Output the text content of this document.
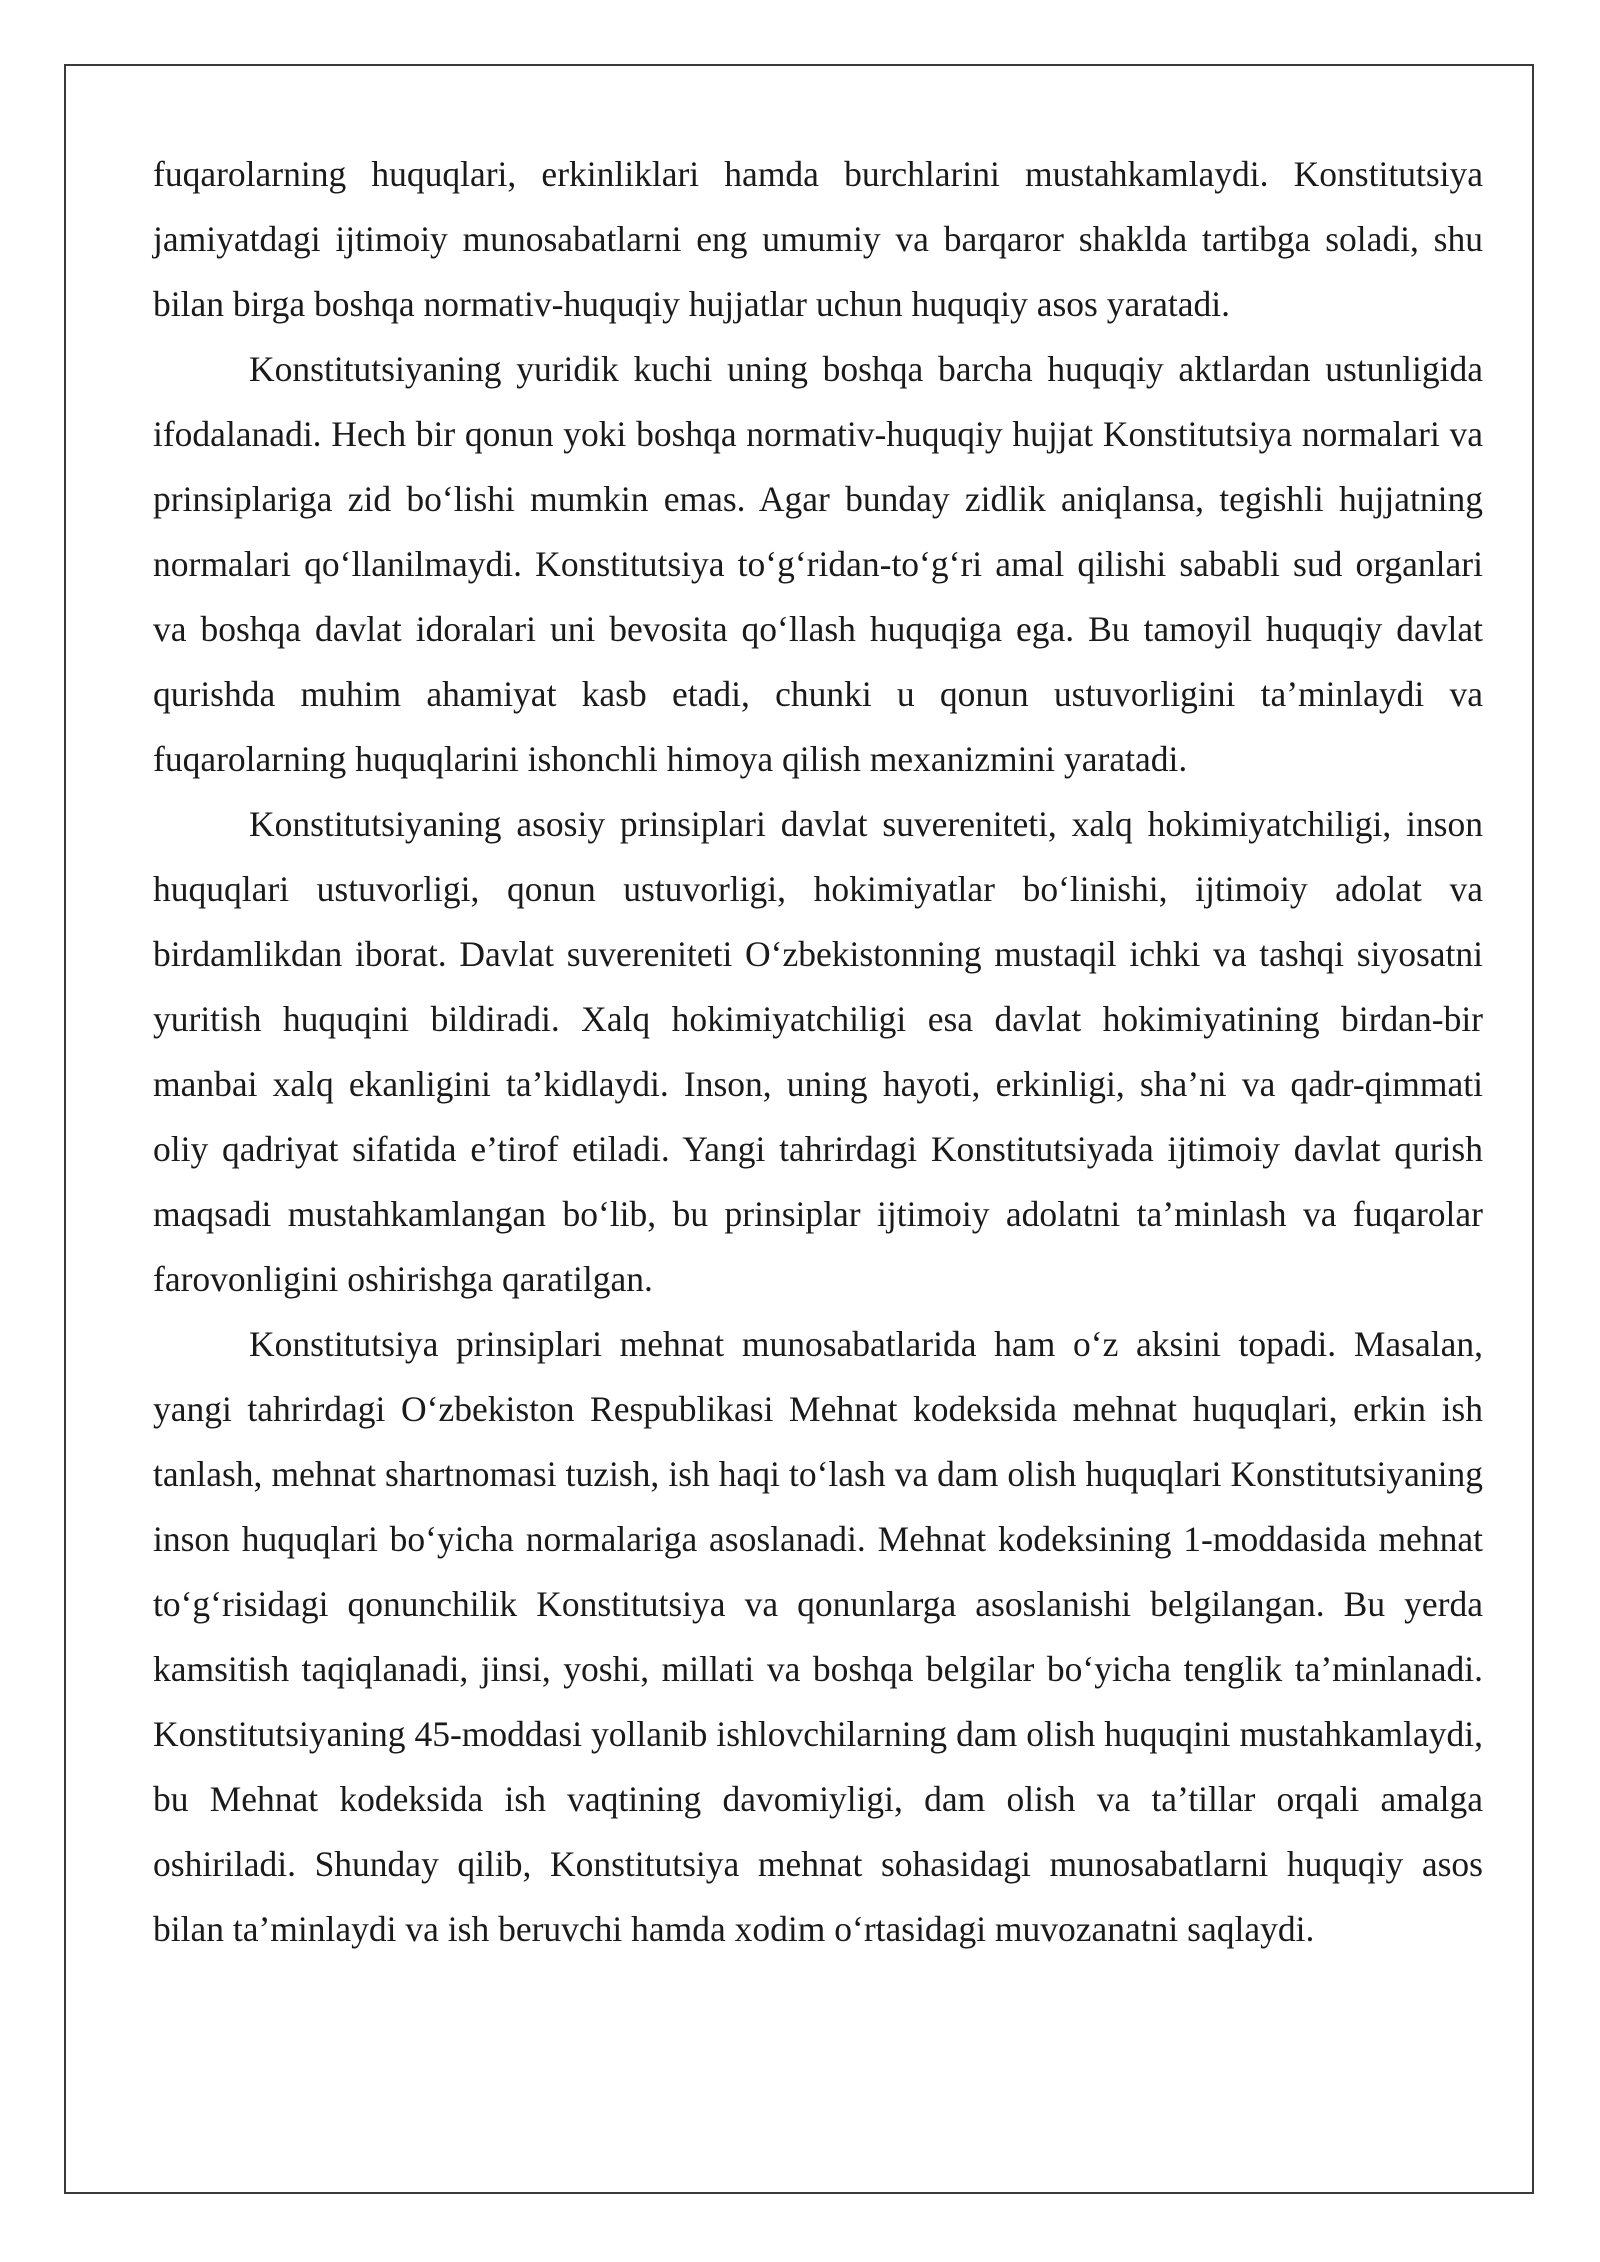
fuqarolarning huquqlari, erkinliklari hamda burchlarini mustahkamlaydi. Konstitutsiya jamiyatdagi ijtimoiy munosabatlarni eng umumiy va barqaror shaklda tartibga soladi, shu bilan birga boshqa normativ-huquqiy hujjatlar uchun huquqiy asos yaratadi.

Konstitutsiyaning yuridik kuchi uning boshqa barcha huquqiy aktlardan ustunligida ifodalanadi. Hech bir qonun yoki boshqa normativ-huquqiy hujjat Konstitutsiya normalari va prinsiplariga zid bo‘lishi mumkin emas. Agar bunday zidlik aniqlansa, tegishli hujjatning normalari qo‘llanilmaydi. Konstitutsiya to‘g‘ridan-to‘g‘ri amal qilishi sababli sud organlari va boshqa davlat idoralari uni bevosita qo‘llash huquqiga ega. Bu tamoyil huquqiy davlat qurishda muhim ahamiyat kasb etadi, chunki u qonun ustuvorligini ta’minlaydi va fuqarolarning huquqlarini ishonchli himoya qilish mexanizmini yaratadi.

Konstitutsiyaning asosiy prinsiplari davlat suvereniteti, xalq hokimiyatchiligi, inson huquqlari ustuvorligi, qonun ustuvorligi, hokimiyatlar bo‘linishi, ijtimoiy adolat va birdamlikdan iborat. Davlat suvereniteti O‘zbekistonning mustaqil ichki va tashqi siyosatni yuritish huquqini bildiradi. Xalq hokimiyatchiligi esa davlat hokimiyatining birdan-bir manbai xalq ekanligini ta’kidlaydi. Inson, uning hayoti, erkinligi, sha’ni va qadr-qimmati oliy qadriyat sifatida e’tirof etiladi. Yangi tahrirdagi Konstitutsiyada ijtimoiy davlat qurish maqsadi mustahkamlangan bo‘lib, bu prinsiplar ijtimoiy adolatni ta’minlash va fuqarolar farovonligini oshirishga qaratilgan.

Konstitutsiya prinsiplari mehnat munosabatlarida ham o‘z aksini topadi. Masalan, yangi tahrirdagi O‘zbekiston Respublikasi Mehnat kodeksida mehnat huquqlari, erkin ish tanlash, mehnat shartnomasi tuzish, ish haqi to‘lash va dam olish huquqlari Konstitutsiyaning inson huquqlari bo‘yicha normalariga asoslanadi. Mehnat kodeksining 1-moddasida mehnat to‘g‘risidagi qonunchilik Konstitutsiya va qonunlarga asoslanishi belgilangan. Bu yerda kamsitish taqiqlanadi, jinsi, yoshi, millati va boshqa belgilar bo‘yicha tenglik ta’minlanadi. Konstitutsiyaning 45-moddasi yollanib ishlovchilarning dam olish huquqini mustahkamlaydi, bu Mehnat kodeksida ish vaqtining davomiyligi, dam olish va ta’tillar orqali amalga oshiriladi. Shunday qilib, Konstitutsiya mehnat sohasidagi munosabatlarni huquqiy asos bilan ta’minlaydi va ish beruvchi hamda xodim o‘rtasidagi muvozanatni saqlaydi.
